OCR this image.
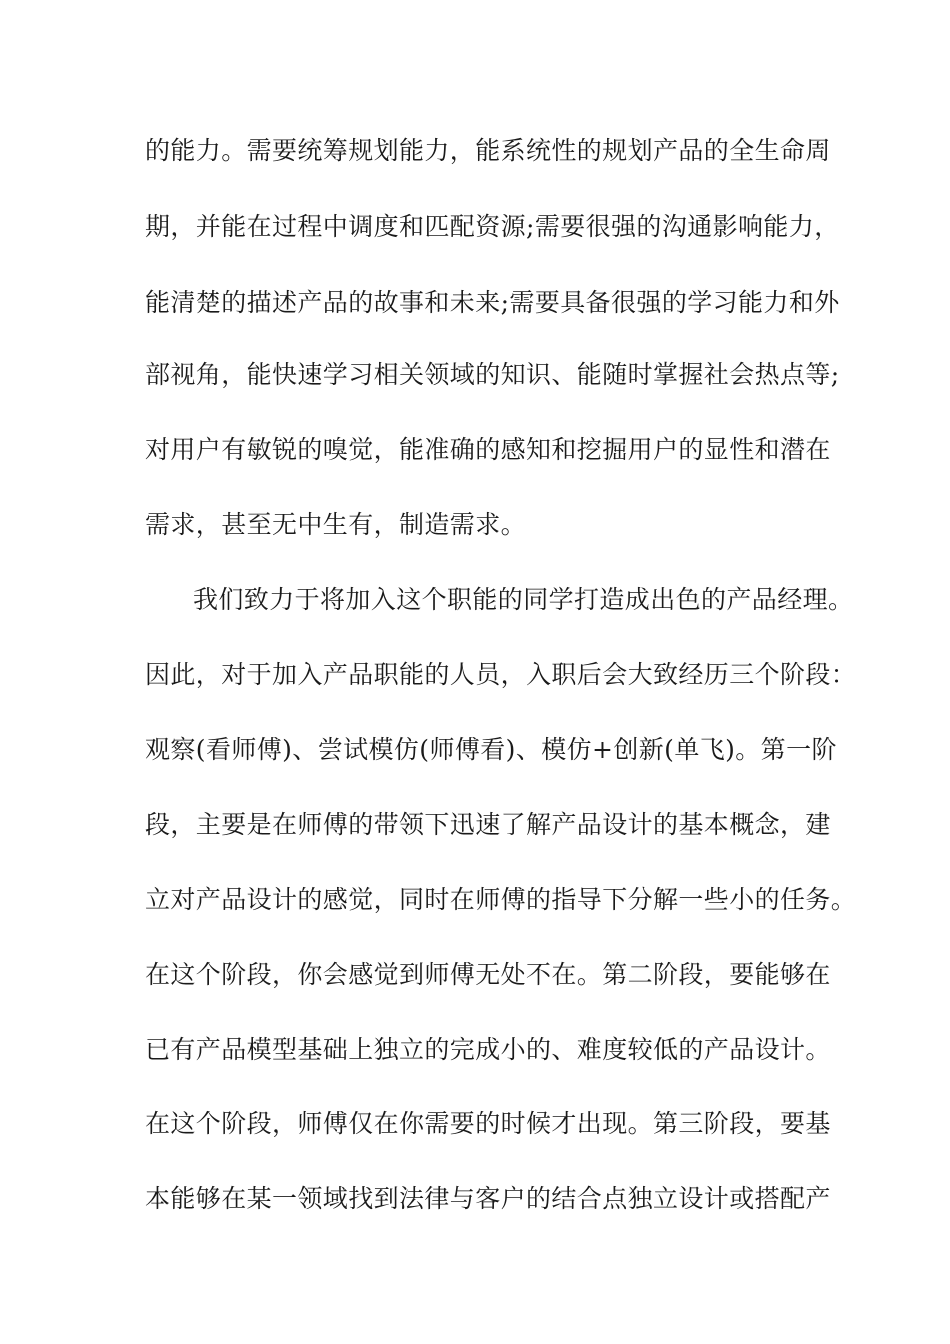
的能力。需要统筹规划能力，能系统性的规划产品的全生命周
期，并能在过程中调度和匹配资源;需要很强的沟通影响能力，
能清楚的描述产品的故事和未来;需要具备很强的学习能力和外
部视角，能快速学习相关领域的知识、能随时掌握社会热点等;
对用户有敏锐的嗅觉，能准确的感知和挖掘用户的显性和潜在
需求，甚至无中生有，制造需求。
我们致力于将加入这个职能的同学打造成出色的产品经理。
因此，对于加入产品职能的人员，入职后会大致经历三个阶段：
观察(看师傅)、尝试模仿(师傅看)、模仿+创新(单飞)。第一阶
段，主要是在师傅的带领下迅速了解产品设计的基本概念，建
立对产品设计的感觉，同时在师傅的指导下分解一些小的任务。
在这个阶段，你会感觉到师傅无处不在。第二阶段，要能够在
已有产品模型基础上独立的完成小的、难度较低的产品设计。
在这个阶段，师傅仅在你需要的时候才出现。第三阶段，要基
本能够在某一领域找到法律与客户的结合点独立设计或搭配产
